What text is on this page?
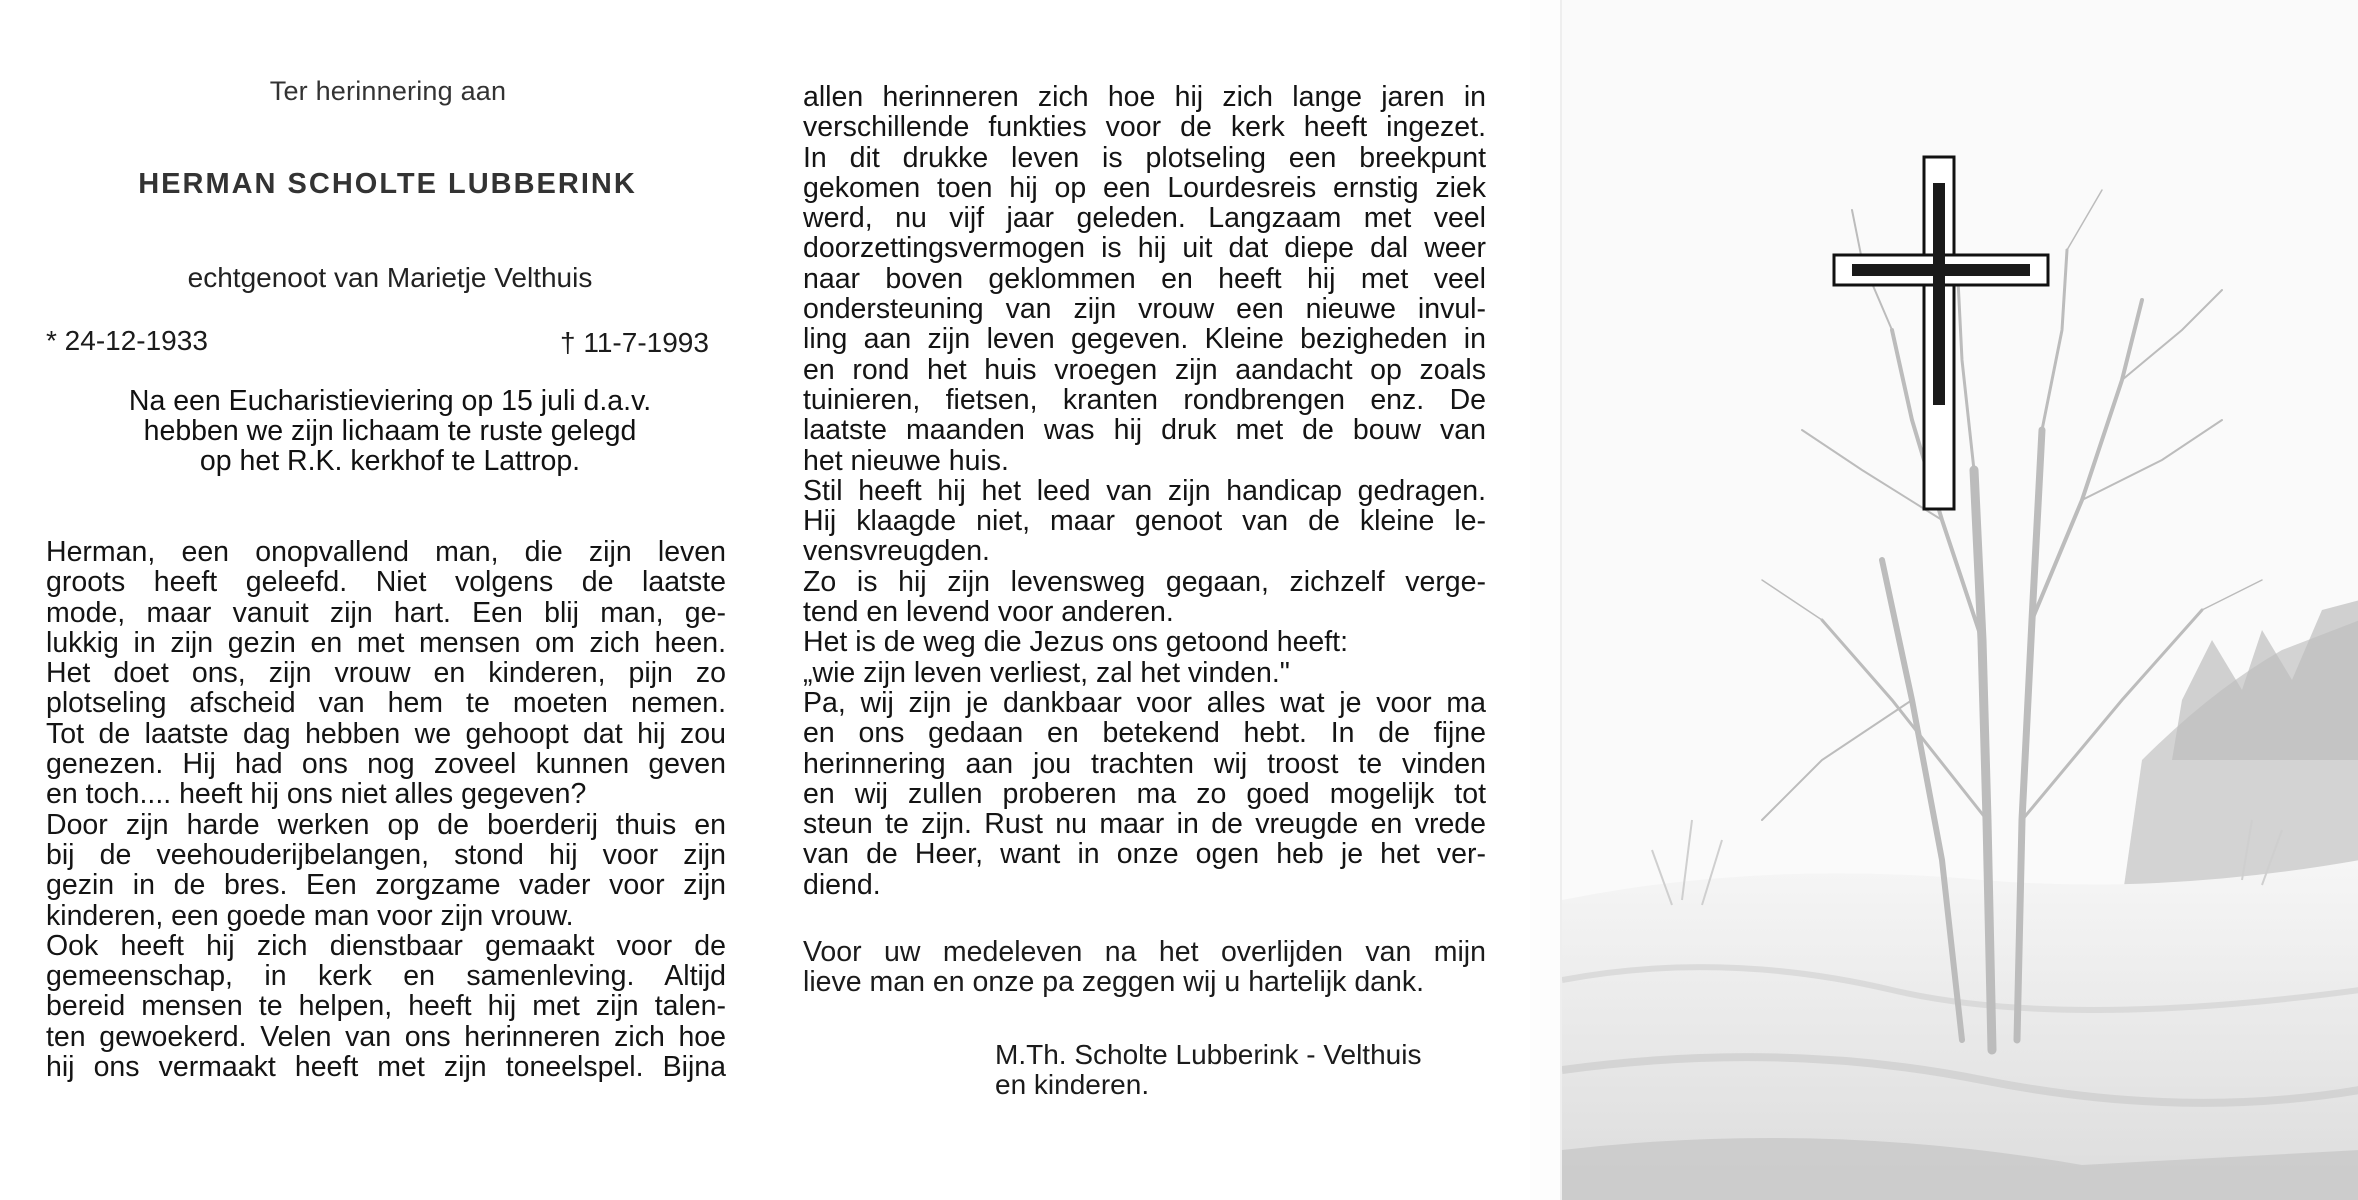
Ter herinnering aan
HERMAN SCHOLTE LUBBERINK
echtgenoot van Marietje Velthuis
* 24-12-1933	† 11-7-1993
Na een Eucharistieviering op 15 juli d.a.v.
hebben we zijn lichaam te ruste gelegd
op het R.K. kerkhof te Lattrop.
Herman, een onopvallend man, die zijn leven
groots heeft geleefd. Niet volgens de laatste
mode, maar vanuit zijn hart. Een blij man, ge-
lukkig in zijn gezin en met mensen om zich heen.
Het doet ons, zijn vrouw en kinderen, pijn zo
plotseling afscheid van hem te moeten nemen.
Tot de laatste dag hebben we gehoopt dat hij zou
genezen. Hij had ons nog zoveel kunnen geven
en toch.... heeft hij ons niet alles gegeven?
Door zijn harde werken op de boerderij thuis en
bij de veehouderijbelangen, stond hij voor zijn
gezin in de bres. Een zorgzame vader voor zijn
kinderen, een goede man voor zijn vrouw.
Ook heeft hij zich dienstbaar gemaakt voor de
gemeenschap, in kerk en samenleving. Altijd
bereid mensen te helpen, heeft hij met zijn talen-
ten gewoekerd. Velen van ons herinneren zich hoe
hij ons vermaakt heeft met zijn toneelspel. Bijna
allen herinneren zich hoe hij zich lange jaren in
verschillende funkties voor de kerk heeft ingezet.
In dit drukke leven is plotseling een breekpunt
gekomen toen hij op een Lourdesreis ernstig ziek
werd, nu vijf jaar geleden. Langzaam met veel
doorzettingsvermogen is hij uit dat diepe dal weer
naar boven geklommen en heeft hij met veel
ondersteuning van zijn vrouw een nieuwe invul-
ling aan zijn leven gegeven. Kleine bezigheden in
en rond het huis vroegen zijn aandacht op zoals
tuinieren, fietsen, kranten rondbrengen enz. De
laatste maanden was hij druk met de bouw van
het nieuwe huis.
Stil heeft hij het leed van zijn handicap gedragen.
Hij klaagde niet, maar genoot van de kleine le-
vensvreugden.
Zo is hij zijn levensweg gegaan, zichzelf verge-
tend en levend voor anderen.
Het is de weg die Jezus ons getoond heeft:
„wie zijn leven verliest, zal het vinden."
Pa, wij zijn je dankbaar voor alles wat je voor ma
en ons gedaan en betekend hebt. In de fijne
herinnering aan jou trachten wij troost te vinden
en wij zullen proberen ma zo goed mogelijk tot
steun te zijn. Rust nu maar in de vreugde en vrede
van de Heer, want in onze ogen heb je het ver-
diend.
Voor uw medeleven na het overlijden van mijn
lieve man en onze pa zeggen wij u hartelijk dank.
M.Th. Scholte Lubberink - Velthuis
en kinderen.
